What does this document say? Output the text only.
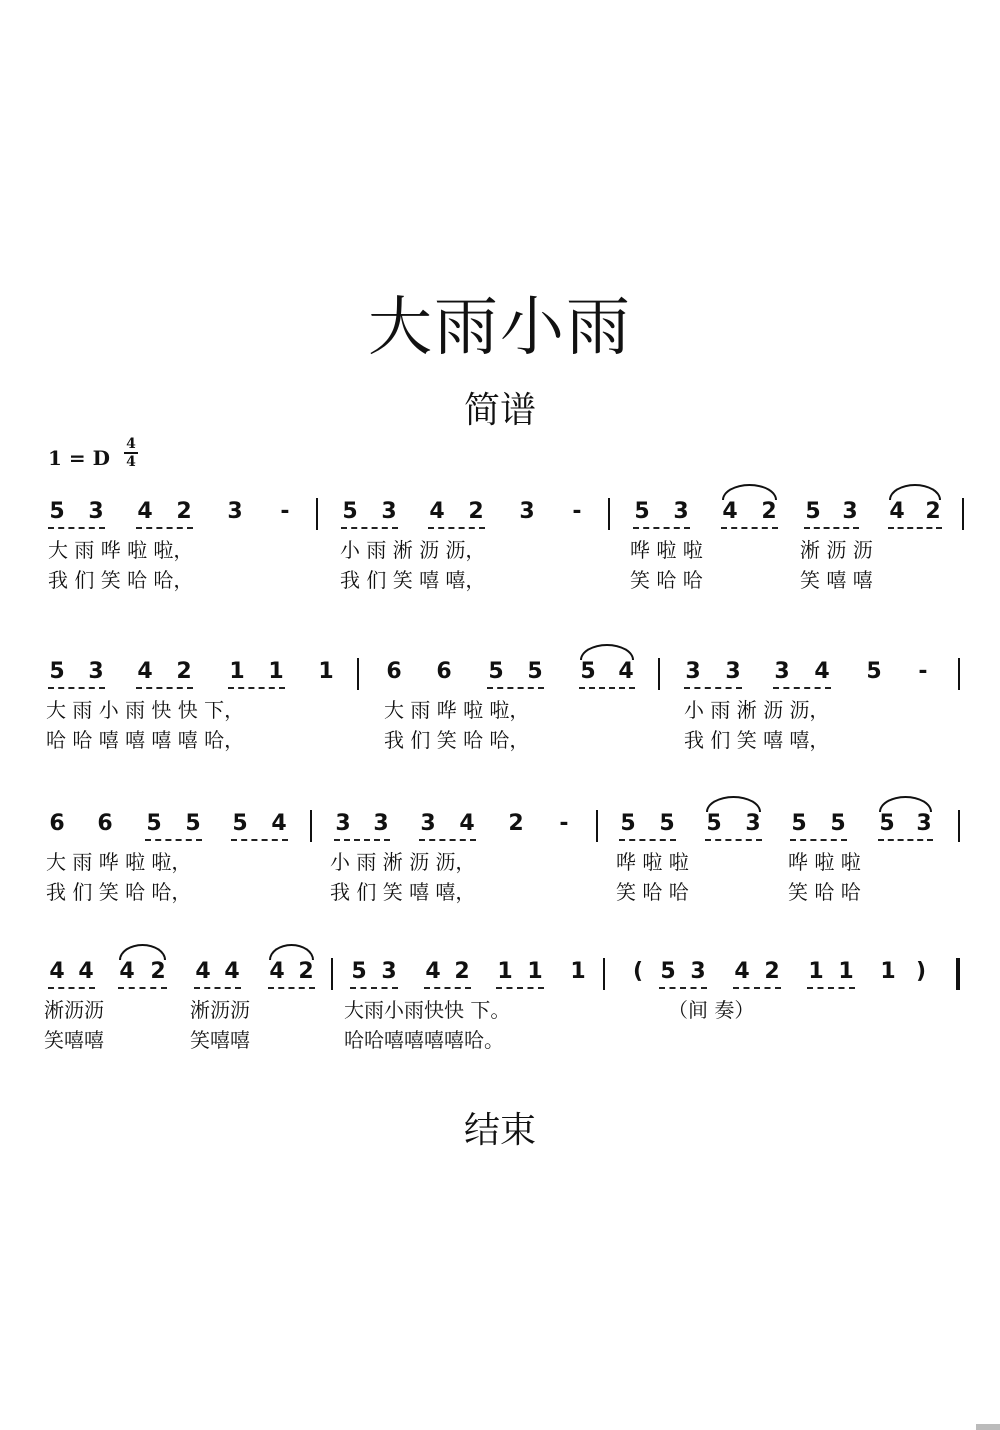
大雨小雨
简谱
1 = D
4
4
5 3 4 2 3 - 5 3 4 2 3 - 5 3 4 2 5 3 4 2
大 雨 哗 啦 啦，
我 们 笑 哈 哈，
小 雨 淅 沥 沥，
我 们 笑 嘻 嘻，
哗 啦 啦
笑 哈 哈
淅 沥 沥
笑 嘻 嘻
5 3 4 2 1 1 1 6 6 5 5 5 4 3 3 3 4 5 -
大 雨 小 雨 快 快 下，
哈 哈 嘻 嘻 嘻 嘻 哈，
大 雨 哗 啦 啦，
我 们 笑 哈 哈，
小 雨 淅 沥 沥，
我 们 笑 嘻 嘻，
6 6 5 5 5 4 3 3 3 4 2 - 5 5 5 3 5 5 5 3
大 雨 哗 啦 啦，
我 们 笑 哈 哈，
小 雨 淅 沥 沥，
我 们 笑 嘻 嘻，
哗 啦 啦
笑 哈 哈
哗 啦 啦
笑 哈 哈
4 4 4 2 4 4 4 2 5 3 4 2 1 1 1 ( 5 3 4 2 1 1 1 )
淅沥沥
笑嘻嘻
淅沥沥
笑嘻嘻
大雨小雨快快 下。
哈哈嘻嘻嘻嘻哈。
（间 奏）
结束
